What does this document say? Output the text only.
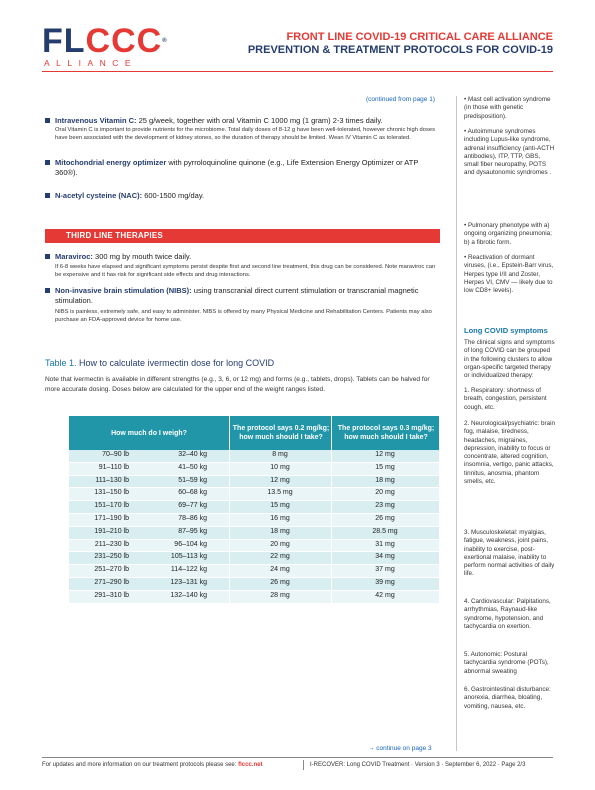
FLCCC®
ALLIANCE
FRONT LINE COVID-19 CRITICAL CARE ALLIANCE
PREVENTION & TREATMENT PROTOCOLS FOR COVID-19
(continued from page 1)
Intravenous Vitamin C: 25 g/week, together with oral Vitamin C 1000 mg (1 gram) 2-3 times daily.
Oral Vitamin C is important to provide nutrients for the microbiome. Total daily doses of 8-12 g have been well-tolerated, however chronic high doses have been associated with the development of kidney stones, so the duration of therapy should be limited. Wean IV Vitamin C as tolerated.
Mitochondrial energy optimizer with pyrroloquinoline quinone (e.g., Life Extension Energy Optimizer or ATP 360®).
N-acetyl cysteine (NAC): 600-1500 mg/day.
THIRD LINE THERAPIES
Maraviroc: 300 mg by mouth twice daily.
If 6-8 weeks have elapsed and significant symptoms persist despite first and second line treatment, this drug can be considered. Note maraviroc can be expensive and it has risk for significant side effects and drug interactions.
Non-invasive brain stimulation (NIBS): using transcranial direct current stimulation or transcranial magnetic stimulation.
NIBS is painless, extremely safe, and easy to administer. NIBS is offered by many Physical Medicine and Rehabilitation Centers. Patients may also purchase an FDA-approved device for home use.
Table 1. How to calculate ivermectin dose for long COVID
Note that ivermectin is available in different strengths (e.g., 3, 6, or 12 mg) and forms (e.g., tablets, drops). Tablets can be halved for more accurate dosing. Doses below are calculated for the upper end of the weight ranges listed.
How much do I weigh?
The protocol says 0.2 mg/kg; how much should I take?
The protocol says 0.3 mg/kg; how much should I take?
70–90 lb	32–40 kg	8 mg	12 mg
91–110 lb	41–50 kg	10 mg	15 mg
111–130 lb	51–59 kg	12 mg	18 mg
131–150 lb	60–68 kg	13.5 mg	20 mg
151–170 lb	69–77 kg	15 mg	23 mg
171–190 lb	78–86 kg	16 mg	26 mg
191–210 lb	87–95 kg	18 mg	28.5 mg
211–230 lb	96–104 kg	20 mg	31 mg
231–250 lb	105–113 kg	22 mg	34 mg
251–270 lb	114–122 kg	24 mg	37 mg
271–290 lb	123–131 kg	26 mg	39 mg
291–310 lb	132–140 kg	28 mg	42 mg
→ continue on page 3
• Mast cell activation syndrome (in those with genetic predisposition).
• Autoimmune syndromes including Lupus-like syndrome, adrenal insufficiency (anti-ACTH antibodies), ITP, TTP, GBS, small fiber neuropathy, POTS and dysautonomic syndromes .
• Pulmonary phenotype with a) ongoing organizing pneumonia; b) a fibrotic form.
• Reactivation of dormant viruses, (i.e., Epstein-Barr virus, Herpes type I/II and Zoster, Herpes VI, CMV — likely due to low CD8+ levels).
Long COVID symptoms
The clinical signs and symptoms of long COVID can be grouped in the following clusters to allow organ-specific targeted therapy or individualized therapy:
1. Respiratory: shortness of breath, congestion, persistent cough, etc.
2. Neurological/psychiatric: brain fog, malaise, tiredness, headaches, migraines, depression, inability to focus or concentrate, altered cognition, insomnia, vertigo, panic attacks, tinnitus, anosmia, phantom smells, etc.
3. Musculoskeletal: myalgias, fatigue, weakness, joint pains, inability to exercise, post-exertional malaise, inability to perform normal activities of daily life.
4. Cardiovascular: Palpitations, arrhythmias, Raynaud-like syndrome, hypotension, and tachycardia on exertion.
5. Autonomic: Postural tachycardia syndrome (POTs), abnormal sweating
6. Gastrointestinal disturbance: anorexia, diarrhea, bloating, vomiting, nausea, etc.
For updates and more information on our treatment protocols please see: flccc.net	I-RECOVER: Long COVID Treatment · Version 3 · September 6, 2022 · Page 2/3
